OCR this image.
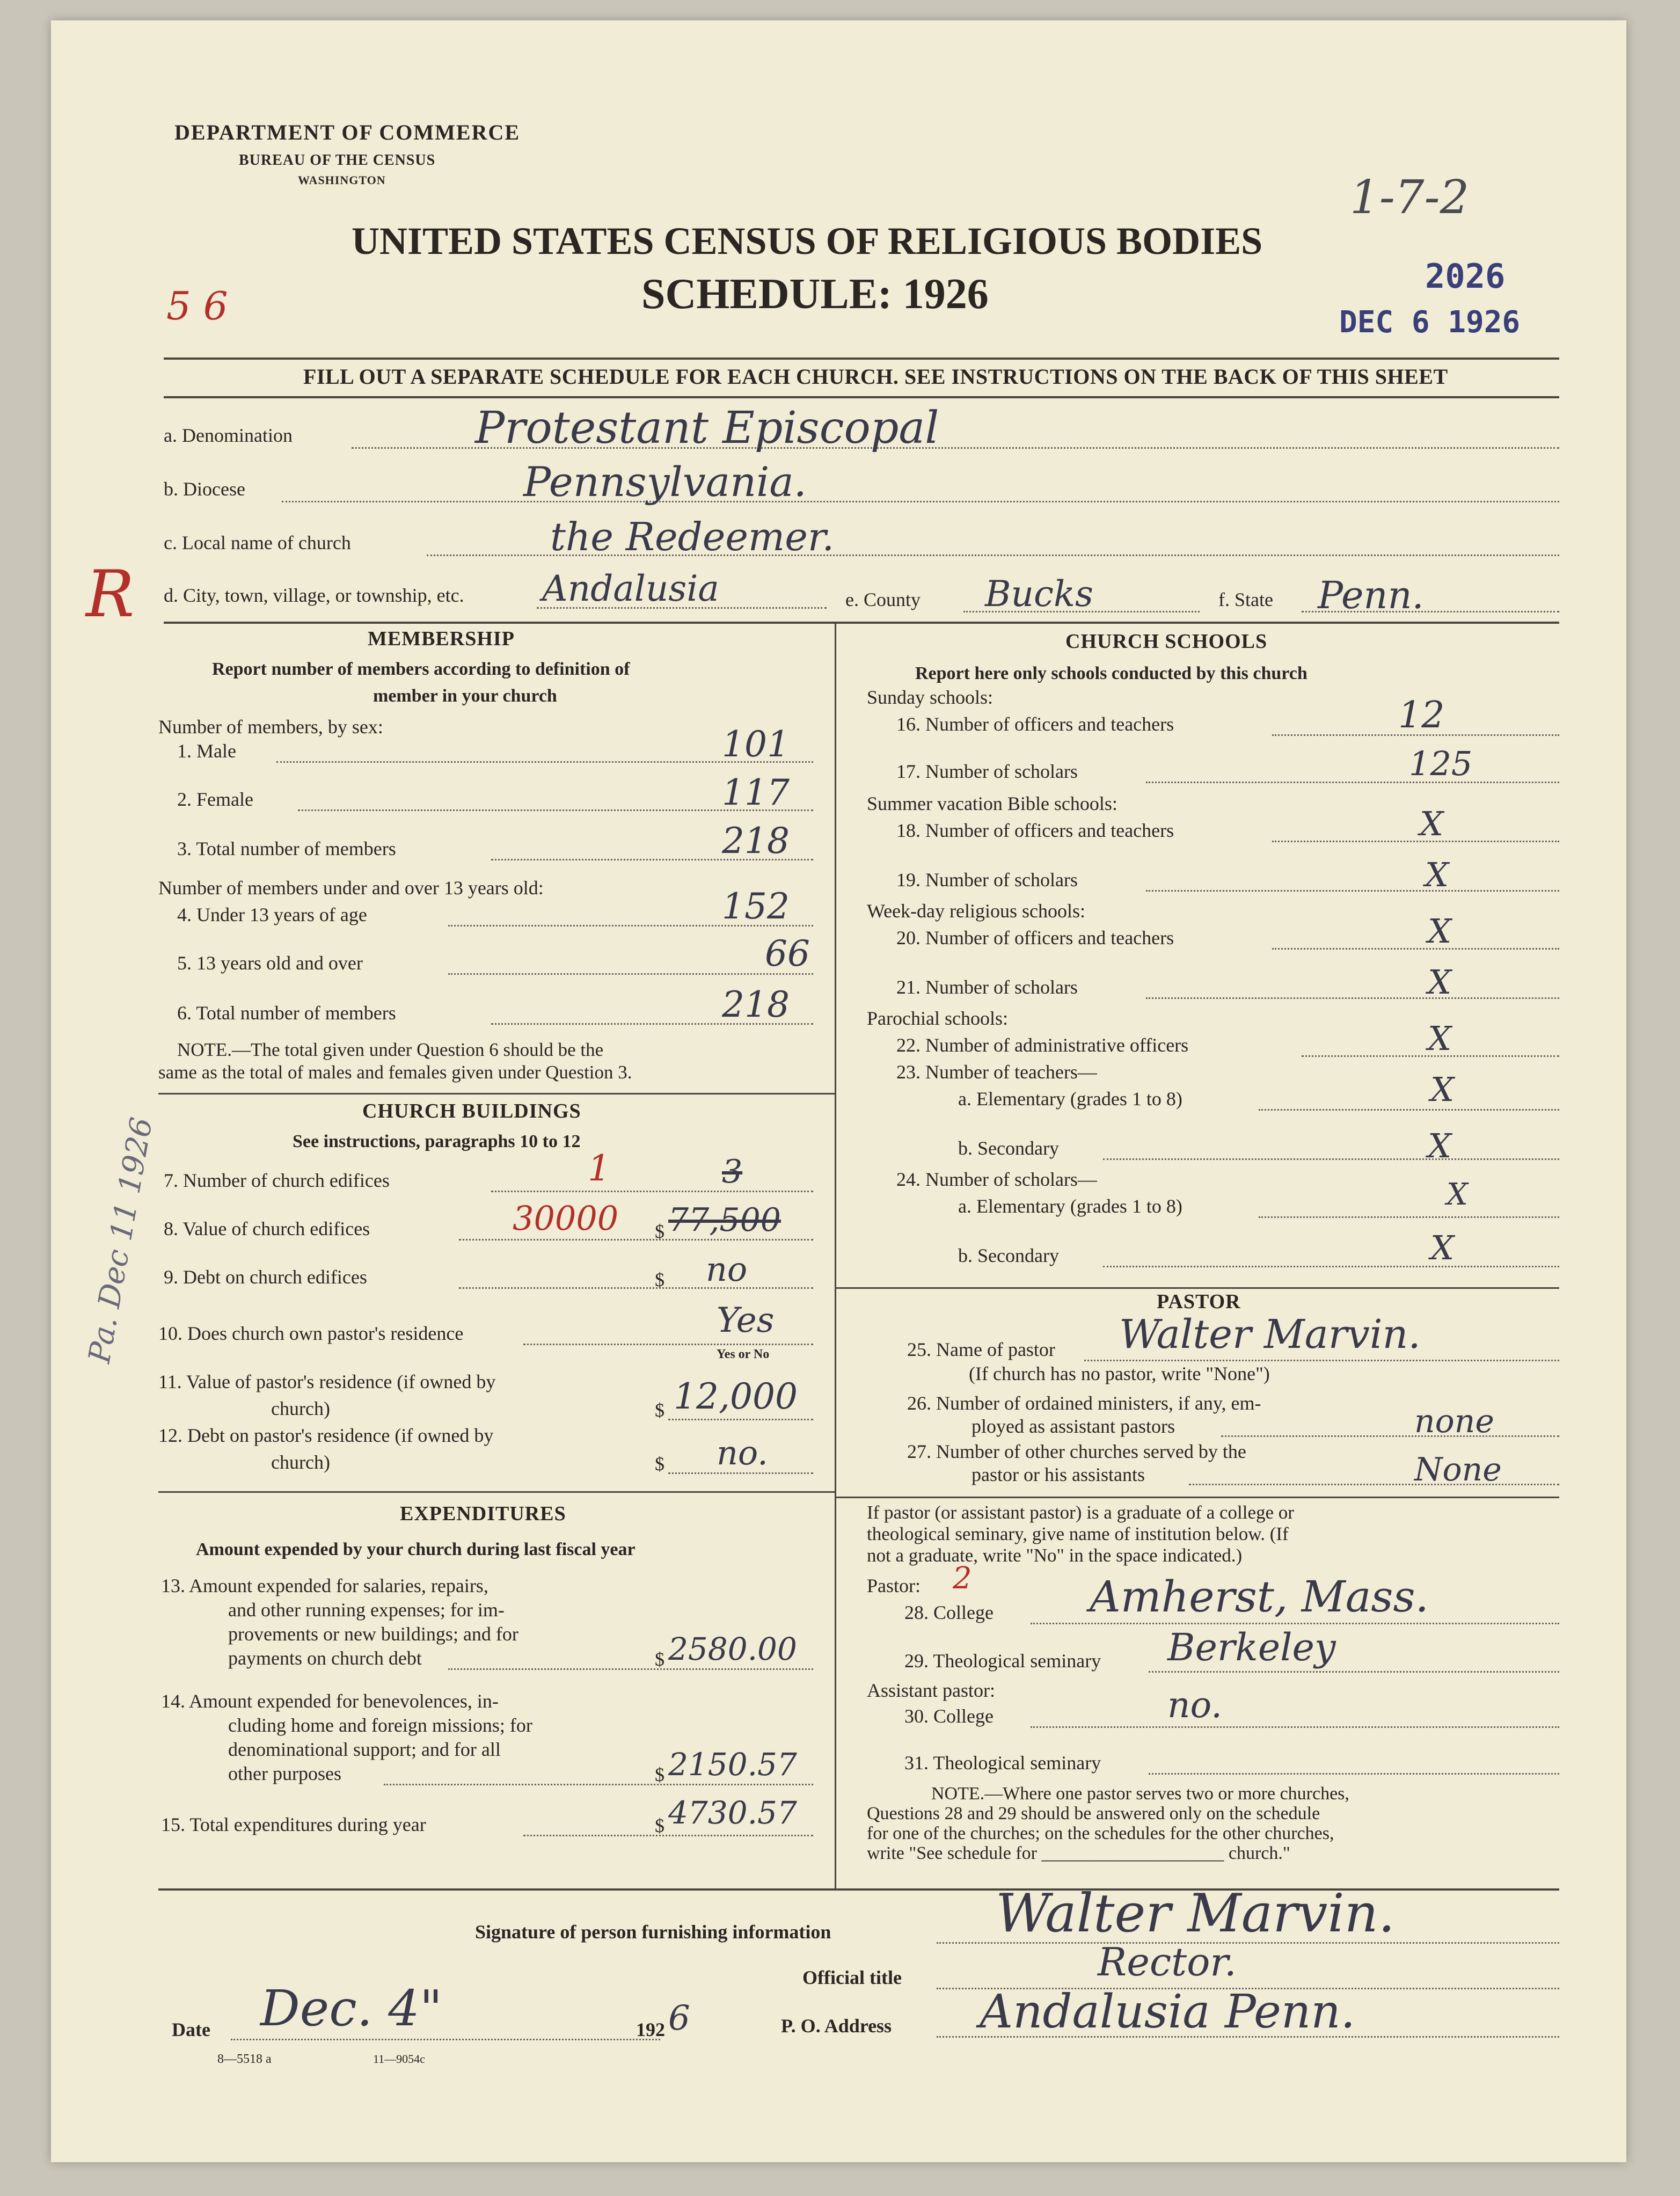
DEPARTMENT OF COMMERCE
BUREAU OF THE CENSUS
WASHINGTON
UNITED STATES CENSUS OF RELIGIOUS BODIES
SCHEDULE: 1926
5 6
1-7-2
2026
DEC 6 1926
R
Pa. Dec 11 1926
FILL OUT A SEPARATE SCHEDULE FOR EACH CHURCH. SEE INSTRUCTIONS ON THE BACK OF THIS SHEET
a. Denomination	Protestant Episcopal
b. Diocese	Pennsylvania.
c. Local name of church	the Redeemer.
d. City, town, village, or township, etc. Andalusia	e. County Bucks	f. State Penn.
MEMBERSHIP
Report number of members according to definition of
member in your church
Number of members, by sex:
1. Male	101
2. Female	117
3. Total number of members	218
Number of members under and over 13 years old:
4. Under 13 years of age	152
5. 13 years old and over	66
6. Total number of members	218
NOTE.—The total given under Question 6 should be the
same as the total of males and females given under Question 3.
CHURCH BUILDINGS
See instructions, paragraphs 10 to 12
7. Number of church edifices	1	3
8. Value of church edifices	30000 $ 77,500
9. Debt on church edifices	$ no
10. Does church own pastor's residence	Yes
Yes or No
11. Value of pastor's residence (if owned by
church)	$ 12,000
12. Debt on pastor's residence (if owned by
church)	$ no.
EXPENDITURES
Amount expended by your church during last fiscal year
13. Amount expended for salaries, repairs,
and other running expenses; for im-
provements or new buildings; and for
payments on church debt	$ 2580.00
14. Amount expended for benevolences, in-
cluding home and foreign missions; for
denominational support; and for all
other purposes	$ 2150.57
15. Total expenditures during year	$ 4730.57
CHURCH SCHOOLS
Report here only schools conducted by this church
Sunday schools:
16. Number of officers and teachers	12
17. Number of scholars	125
Summer vacation Bible schools:
18. Number of officers and teachers	X
19. Number of scholars	X
Week-day religious schools:
20. Number of officers and teachers	X
21. Number of scholars	X
Parochial schools:
22. Number of administrative officers	X
23. Number of teachers—
a. Elementary (grades 1 to 8)	X
b. Secondary	X
24. Number of scholars—
a. Elementary (grades 1 to 8)	X
b. Secondary	X
PASTOR
25. Name of pastor Walter Marvin.
(If church has no pastor, write "None")
26. Number of ordained ministers, if any, em-
ployed as assistant pastors	none
27. Number of other churches served by the
pastor or his assistants	None
If pastor (or assistant pastor) is a graduate of a college or
theological seminary, give name of institution below. (If
not a graduate, write "No" in the space indicated.)
Pastor: 2
28. College Amherst, Mass.
29. Theological seminary Berkeley
Assistant pastor:
30. College	no.
31. Theological seminary
NOTE.—Where one pastor serves two or more churches,
Questions 28 and 29 should be answered only on the schedule
for one of the churches; on the schedules for the other churches,
write "See schedule for ____________________ church."
Signature of person furnishing information	Walter Marvin.
Official title	Rector.
Date Dec. 4"	192 6	P. O. Address Andalusia Penn.
8—5518 a	11—9054c
